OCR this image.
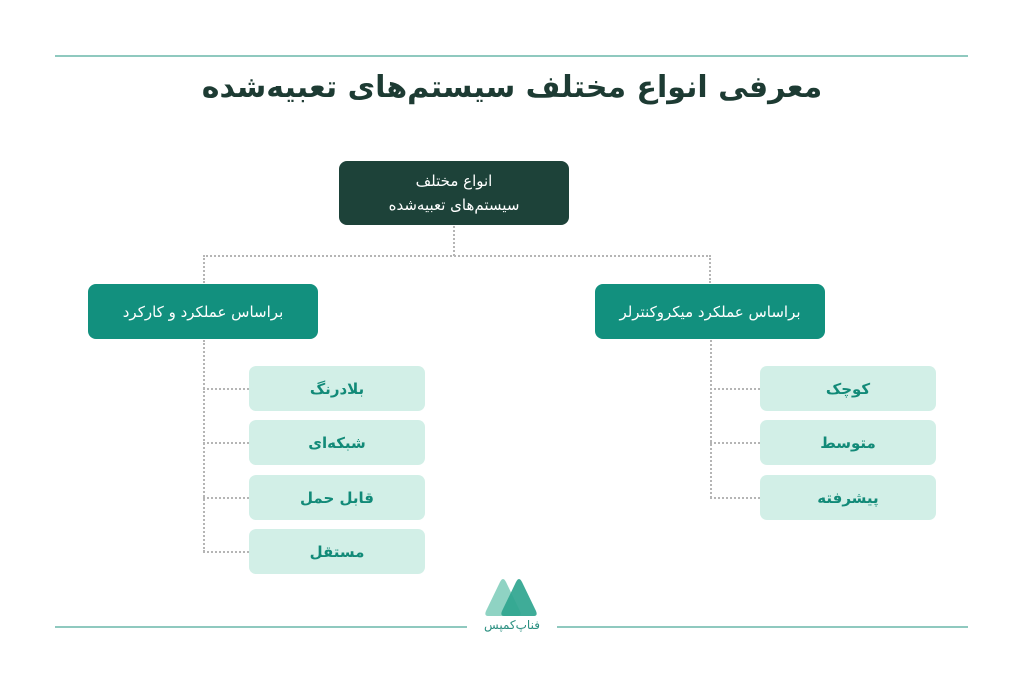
معرفی انواع مختلف سیستم‌های تعبیه‌شده
انواع مختلف
سیستم‌های تعبیه‌شده
براساس عملکرد و کارکرد	براساس عملکرد میکروکنترلر
بلادرنگ
شبکه‌ای
قابل حمل
مستقل
کوچک
متوسط
پیشرفته
فناپ‌کمپس
